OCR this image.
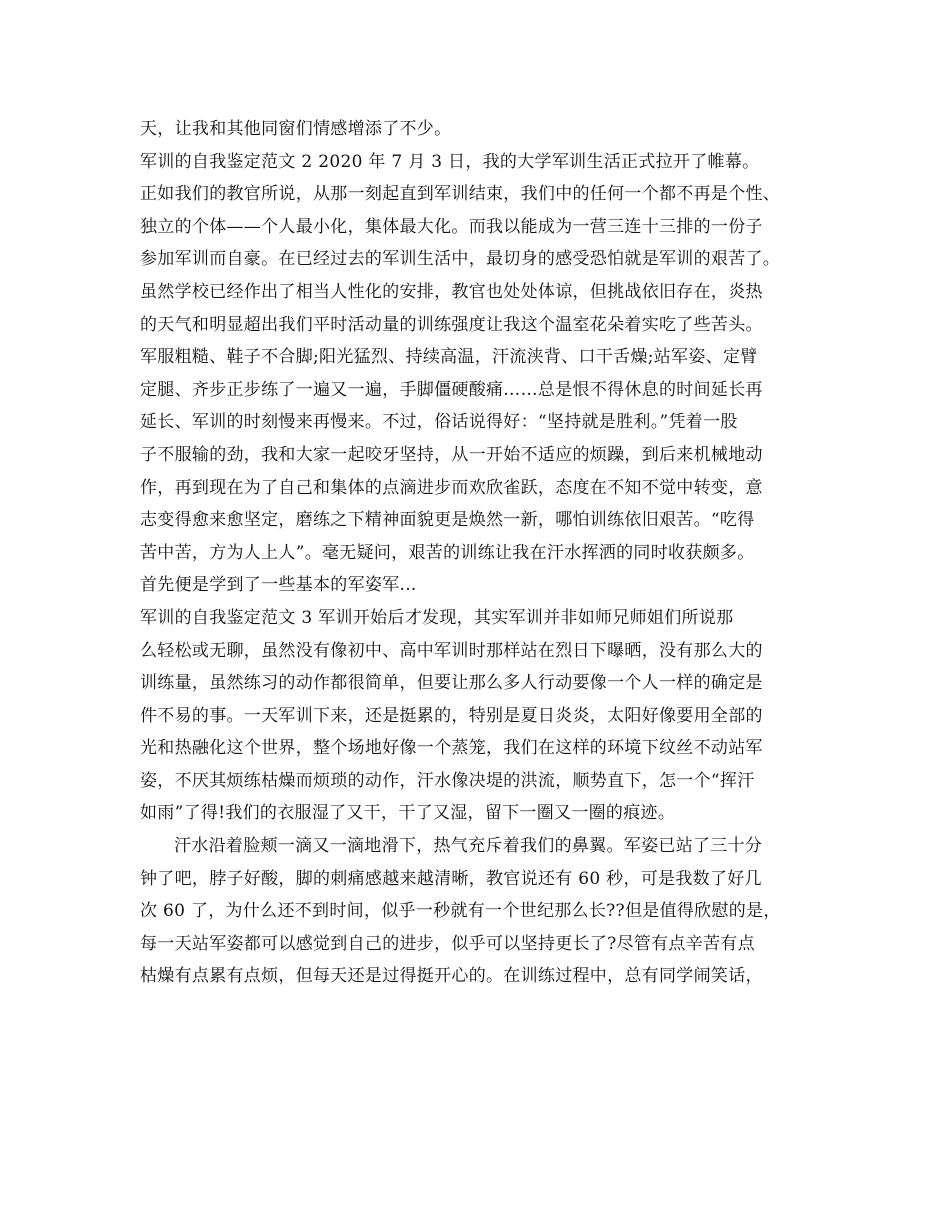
天，让我和其他同窗们情感增添了不少。
军训的自我鉴定范文 2 2020 年 7 月 3 日，我的大学军训生活正式拉开了帷幕。
正如我们的教官所说，从那一刻起直到军训结束，我们中的任何一个都不再是个性、
独立的个体——个人最小化，集体最大化。而我以能成为一营三连十三排的一份子
参加军训而自豪。在已经过去的军训生活中，最切身的感受恐怕就是军训的艰苦了。
虽然学校已经作出了相当人性化的安排，教官也处处体谅，但挑战依旧存在，炎热
的天气和明显超出我们平时活动量的训练强度让我这个温室花朵着实吃了些苦头。
军服粗糙、鞋子不合脚;阳光猛烈、持续高温，汗流浃背、口干舌燥;站军姿、定臂
定腿、齐步正步练了一遍又一遍，手脚僵硬酸痛……总是恨不得休息的时间延长再
延长、军训的时刻慢来再慢来。不过，俗话说得好：“坚持就是胜利。”凭着一股
子不服输的劲，我和大家一起咬牙坚持，从一开始不适应的烦躁，到后来机械地动
作，再到现在为了自己和集体的点滴进步而欢欣雀跃，态度在不知不觉中转变，意
志变得愈来愈坚定，磨练之下精神面貌更是焕然一新，哪怕训练依旧艰苦。“吃得
苦中苦，方为人上人”。毫无疑问，艰苦的训练让我在汗水挥洒的同时收获颇多。
首先便是学到了一些基本的军姿军...
军训的自我鉴定范文 3 军训开始后才发现，其实军训并非如师兄师姐们所说那
么轻松或无聊，虽然没有像初中、高中军训时那样站在烈日下曝晒，没有那么大的
训练量，虽然练习的动作都很简单，但要让那么多人行动要像一个人一样的确定是
件不易的事。一天军训下来，还是挺累的，特别是夏日炎炎，太阳好像要用全部的
光和热融化这个世界，整个场地好像一个蒸笼，我们在这样的环境下纹丝不动站军
姿，不厌其烦练枯燥而烦琐的动作，汗水像决堤的洪流，顺势直下，怎一个“挥汗
如雨”了得!我们的衣服湿了又干，干了又湿，留下一圈又一圈的痕迹。
汗水沿着脸颊一滴又一滴地滑下，热气充斥着我们的鼻翼。军姿已站了三十分
钟了吧，脖子好酸，脚的刺痛感越来越清晰，教官说还有 60 秒，可是我数了好几
次 60 了，为什么还不到时间，似乎一秒就有一个世纪那么长??但是值得欣慰的是，
每一天站军姿都可以感觉到自己的进步，似乎可以坚持更长了?尽管有点辛苦有点
枯燥有点累有点烦，但每天还是过得挺开心的。在训练过程中，总有同学闹笑话，
